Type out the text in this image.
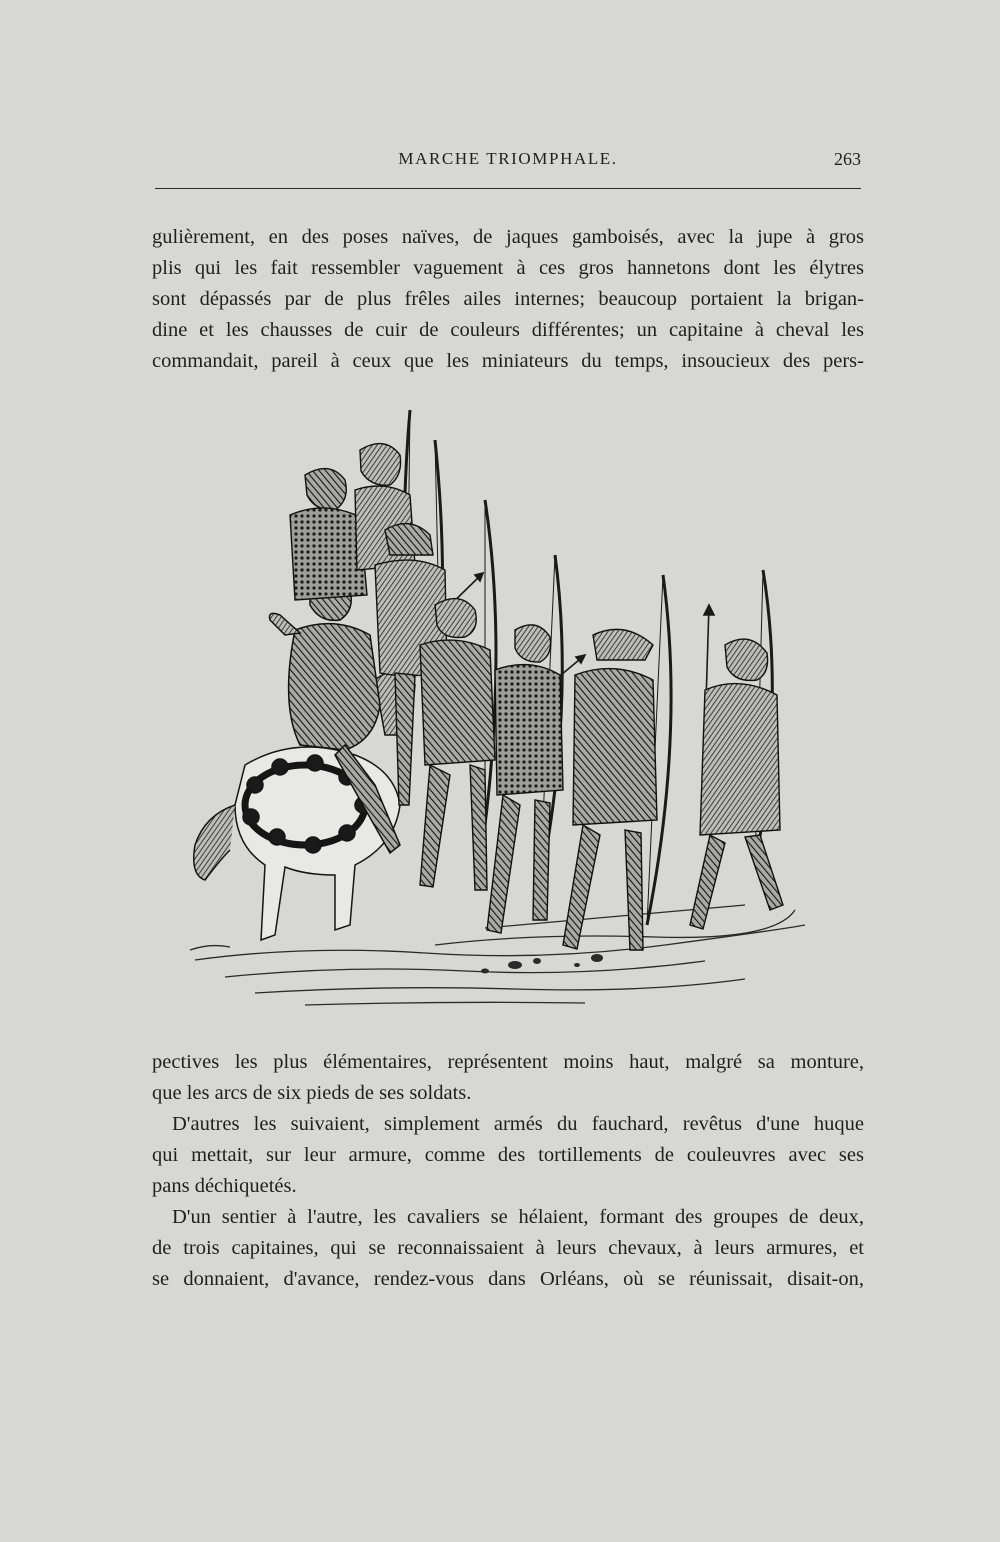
MARCHE TRIOMPHALE.	263
gulièrement, en des poses naïves, de jaques gamboisés, avec la jupe à gros
plis qui les fait ressembler vaguement à ces gros hannetons dont les élytres
sont dépassés par de plus frêles ailes internes; beaucoup portaient la brigan-
dine et les chausses de cuir de couleurs différentes; un capitaine à cheval les
commandait, pareil à ceux que les miniateurs du temps, insoucieux des pers-
pectives les plus élémentaires, représentent moins haut, malgré sa monture,
que les arcs de six pieds de ses soldats.
D'autres les suivaient, simplement armés du fauchard, revêtus d'une huque
qui mettait, sur leur armure, comme des tortillements de couleuvres avec ses
pans déchiquetés.
D'un sentier à l'autre, les cavaliers se hélaient, formant des groupes de deux,
de trois capitaines, qui se reconnaissaient à leurs chevaux, à leurs armures, et
se donnaient, d'avance, rendez-vous dans Orléans, où se réunissait, disait-on,
